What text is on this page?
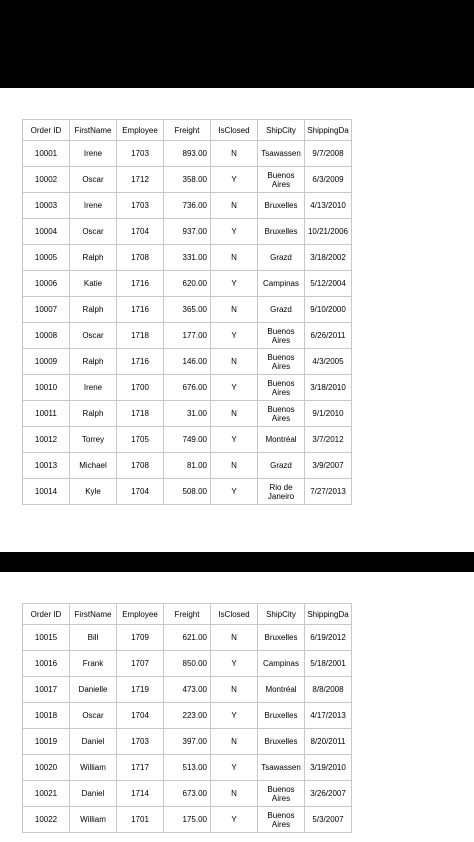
Order ID	FirstName	Employee	Freight	IsClosed	ShipCity	ShippingDa
10001	Irene	1703	893.00	N	Tsawassen	9/7/2008
10002	Oscar	1712	358.00	Y	Buenos Aires	6/3/2009
10003	Irene	1703	736.00	N	Bruxelles	4/13/2010
10004	Oscar	1704	937.00	Y	Bruxelles	10/21/2006
10005	Ralph	1708	331.00	N	Grazd	3/18/2002
10006	Katie	1716	620.00	Y	Campinas	5/12/2004
10007	Ralph	1716	365.00	N	Grazd	9/10/2000
10008	Oscar	1718	177.00	Y	Buenos Aires	6/26/2011
10009	Ralph	1716	146.00	N	Buenos Aires	4/3/2005
10010	Irene	1700	676.00	Y	Buenos Aires	3/18/2010
10011	Ralph	1718	31.00	N	Buenos Aires	9/1/2010
10012	Torrey	1705	749.00	Y	Montréal	3/7/2012
10013	Michael	1708	81.00	N	Grazd	3/9/2007
10014	Kyle	1704	508.00	Y	Rio de Janeiro	7/27/2013
Order ID	FirstName	Employee	Freight	IsClosed	ShipCity	ShippingDa
10015	Bill	1709	621.00	N	Bruxelles	6/19/2012
10016	Frank	1707	850.00	Y	Campinas	5/18/2001
10017	Danielle	1719	473.00	N	Montréal	8/8/2008
10018	Oscar	1704	223.00	Y	Bruxelles	4/17/2013
10019	Daniel	1703	397.00	N	Bruxelles	8/20/2011
10020	William	1717	513.00	Y	Tsawassen	3/19/2010
10021	Daniel	1714	673.00	N	Buenos Aires	3/26/2007
10022	William	1701	175.00	Y	Buenos Aires	5/3/2007
